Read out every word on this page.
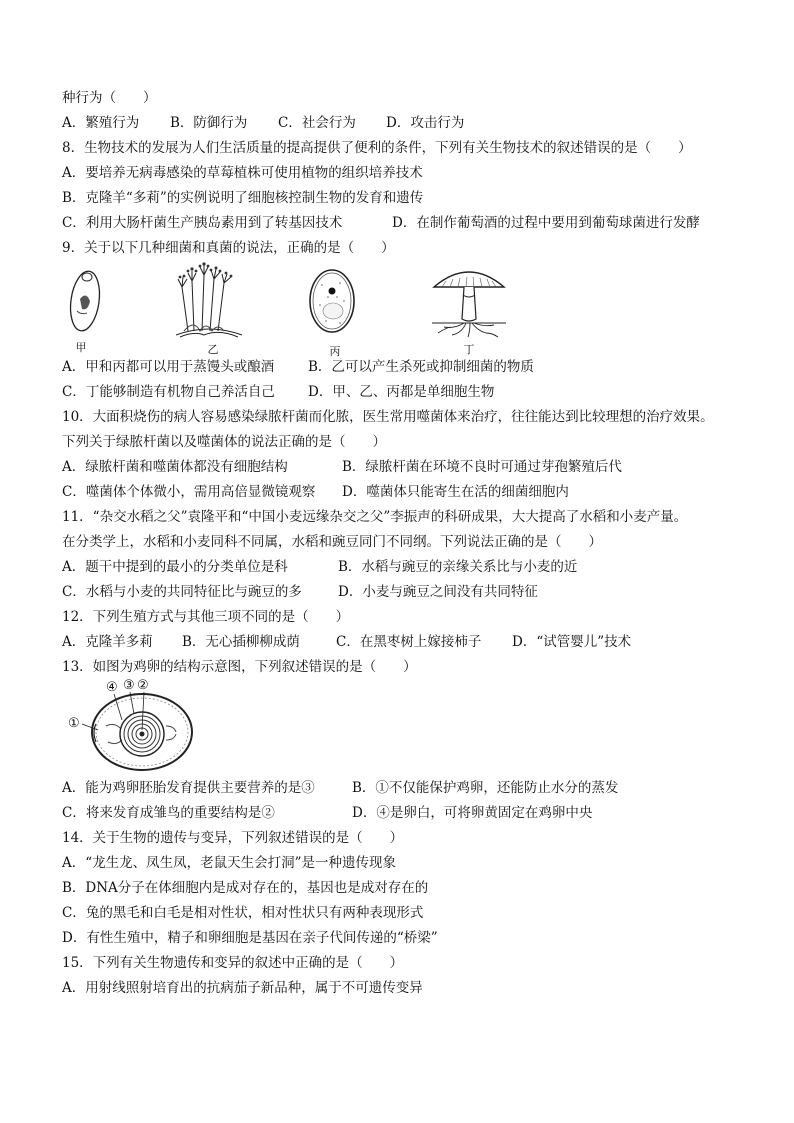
种行为（　　）
A．繁殖行为	B．防御行为	C．社会行为	D．攻击行为
8．生物技术的发展为人们生活质量的提高提供了便利的条件，下列有关生物技术的叙述错误的是（　　）
A．要培养无病毒感染的草莓植株可使用植物的组织培养技术
B．克隆羊“多莉”的实例说明了细胞核控制生物的发育和遗传
C．利用大肠杆菌生产胰岛素用到了转基因技术	D．在制作葡萄酒的过程中要用到葡萄球菌进行发酵
9．关于以下几种细菌和真菌的说法，正确的是（　　）
甲	乙	丙	丁
A．甲和丙都可以用于蒸馒头或酿酒	B．乙可以产生杀死或抑制细菌的物质
C．丁能够制造有机物自己养活自己	D．甲、乙、丙都是单细胞生物
10．大面积烧伤的病人容易感染绿脓杆菌而化脓，医生常用噬菌体来治疗，往往能达到比较理想的治疗效果。
下列关于绿脓杆菌以及噬菌体的说法正确的是（　　）
A．绿脓杆菌和噬菌体都没有细胞结构	B．绿脓杆菌在环境不良时可通过芽孢繁殖后代
C．噬菌体个体微小，需用高倍显微镜观察	D．噬菌体只能寄生在活的细菌细胞内
11．“杂交水稻之父”袁隆平和“中国小麦远缘杂交之父”李振声的科研成果，大大提高了水稻和小麦产量。
在分类学上，水稻和小麦同科不同属，水稻和豌豆同门不同纲。下列说法正确的是（　　）
A．题干中提到的最小的分类单位是科	B．水稻与豌豆的亲缘关系比与小麦的近
C．水稻与小麦的共同特征比与豌豆的多	D．小麦与豌豆之间没有共同特征
12．下列生殖方式与其他三项不同的是（　　）
A．克隆羊多莉	B．无心插柳柳成荫	C．在黑枣树上嫁接柿子	D．“试管婴儿”技术
13．如图为鸡卵的结构示意图，下列叙述错误的是（　　）
①
④ ③ ②
A．能为鸡卵胚胎发育提供主要营养的是③	B．①不仅能保护鸡卵，还能防止水分的蒸发
C．将来发育成雏鸟的重要结构是②	D．④是卵白，可将卵黄固定在鸡卵中央
14．关于生物的遗传与变异，下列叙述错误的是（　　）
A．“龙生龙、凤生凤，老鼠天生会打洞”是一种遗传现象
B．DNA分子在体细胞内是成对存在的，基因也是成对存在的
C．兔的黑毛和白毛是相对性状，相对性状只有两种表现形式
D．有性生殖中，精子和卵细胞是基因在亲子代间传递的“桥梁”
15．下列有关生物遗传和变异的叙述中正确的是（　　）
A．用射线照射培育出的抗病茄子新品种，属于不可遗传变异
